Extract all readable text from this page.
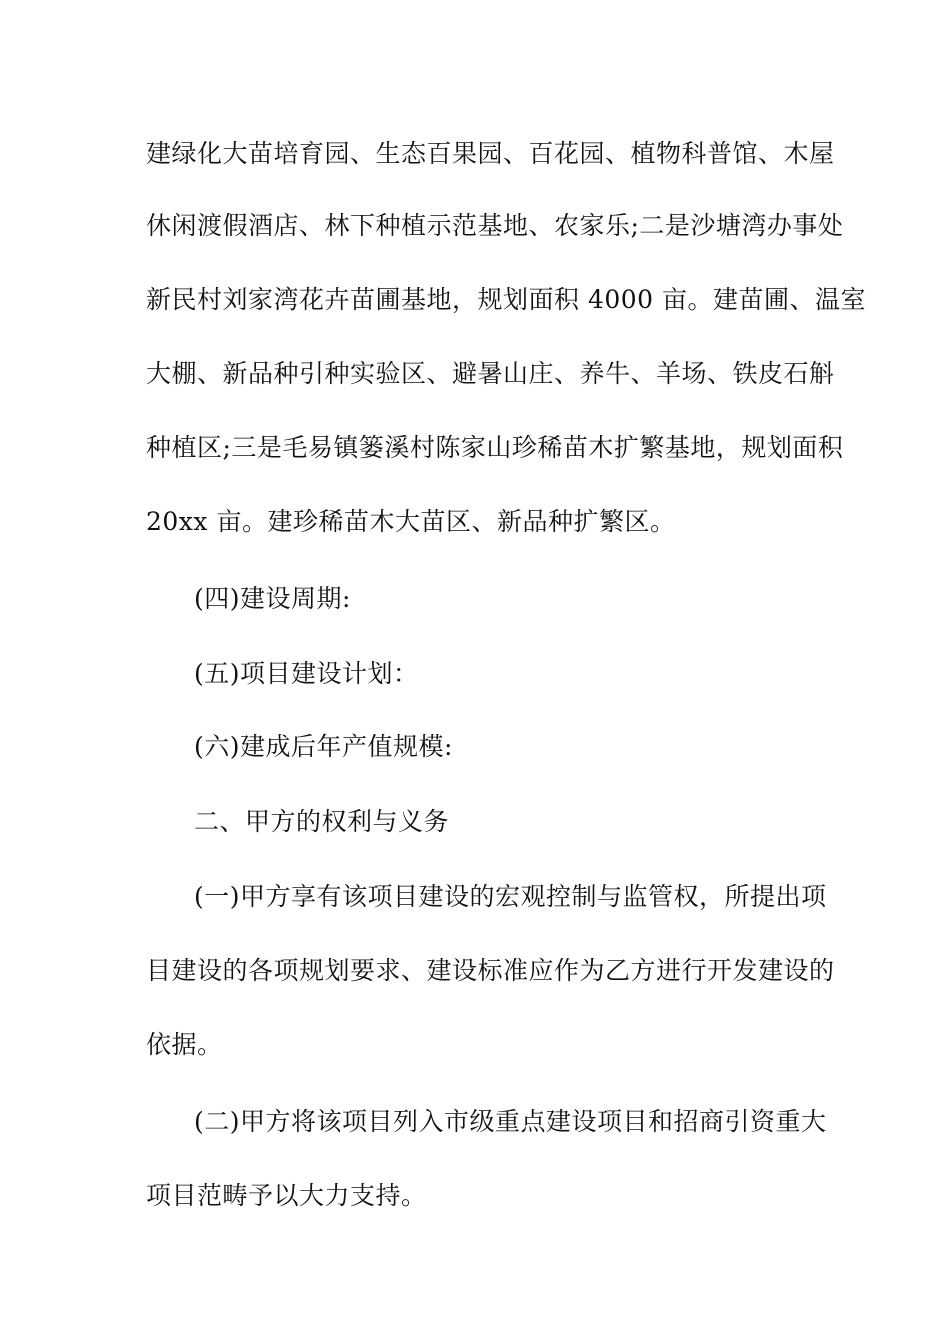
建绿化大苗培育园、生态百果园、百花园、植物科普馆、木屋
休闲渡假酒店、林下种植示范基地、农家乐;二是沙塘湾办事处
新民村刘家湾花卉苗圃基地，规划面积 4000 亩。建苗圃、温室
大棚、新品种引种实验区、避暑山庄、养牛、羊场、铁皮石斛
种植区;三是毛易镇篓溪村陈家山珍稀苗木扩繁基地，规划面积
20xx 亩。建珍稀苗木大苗区、新品种扩繁区。
(四)建设周期:
(五)项目建设计划：
(六)建成后年产值规模:
二、甲方的权利与义务
(一)甲方享有该项目建设的宏观控制与监管权，所提出项
目建设的各项规划要求、建设标准应作为乙方进行开发建设的
依据。
(二)甲方将该项目列入市级重点建设项目和招商引资重大
项目范畴予以大力支持。
